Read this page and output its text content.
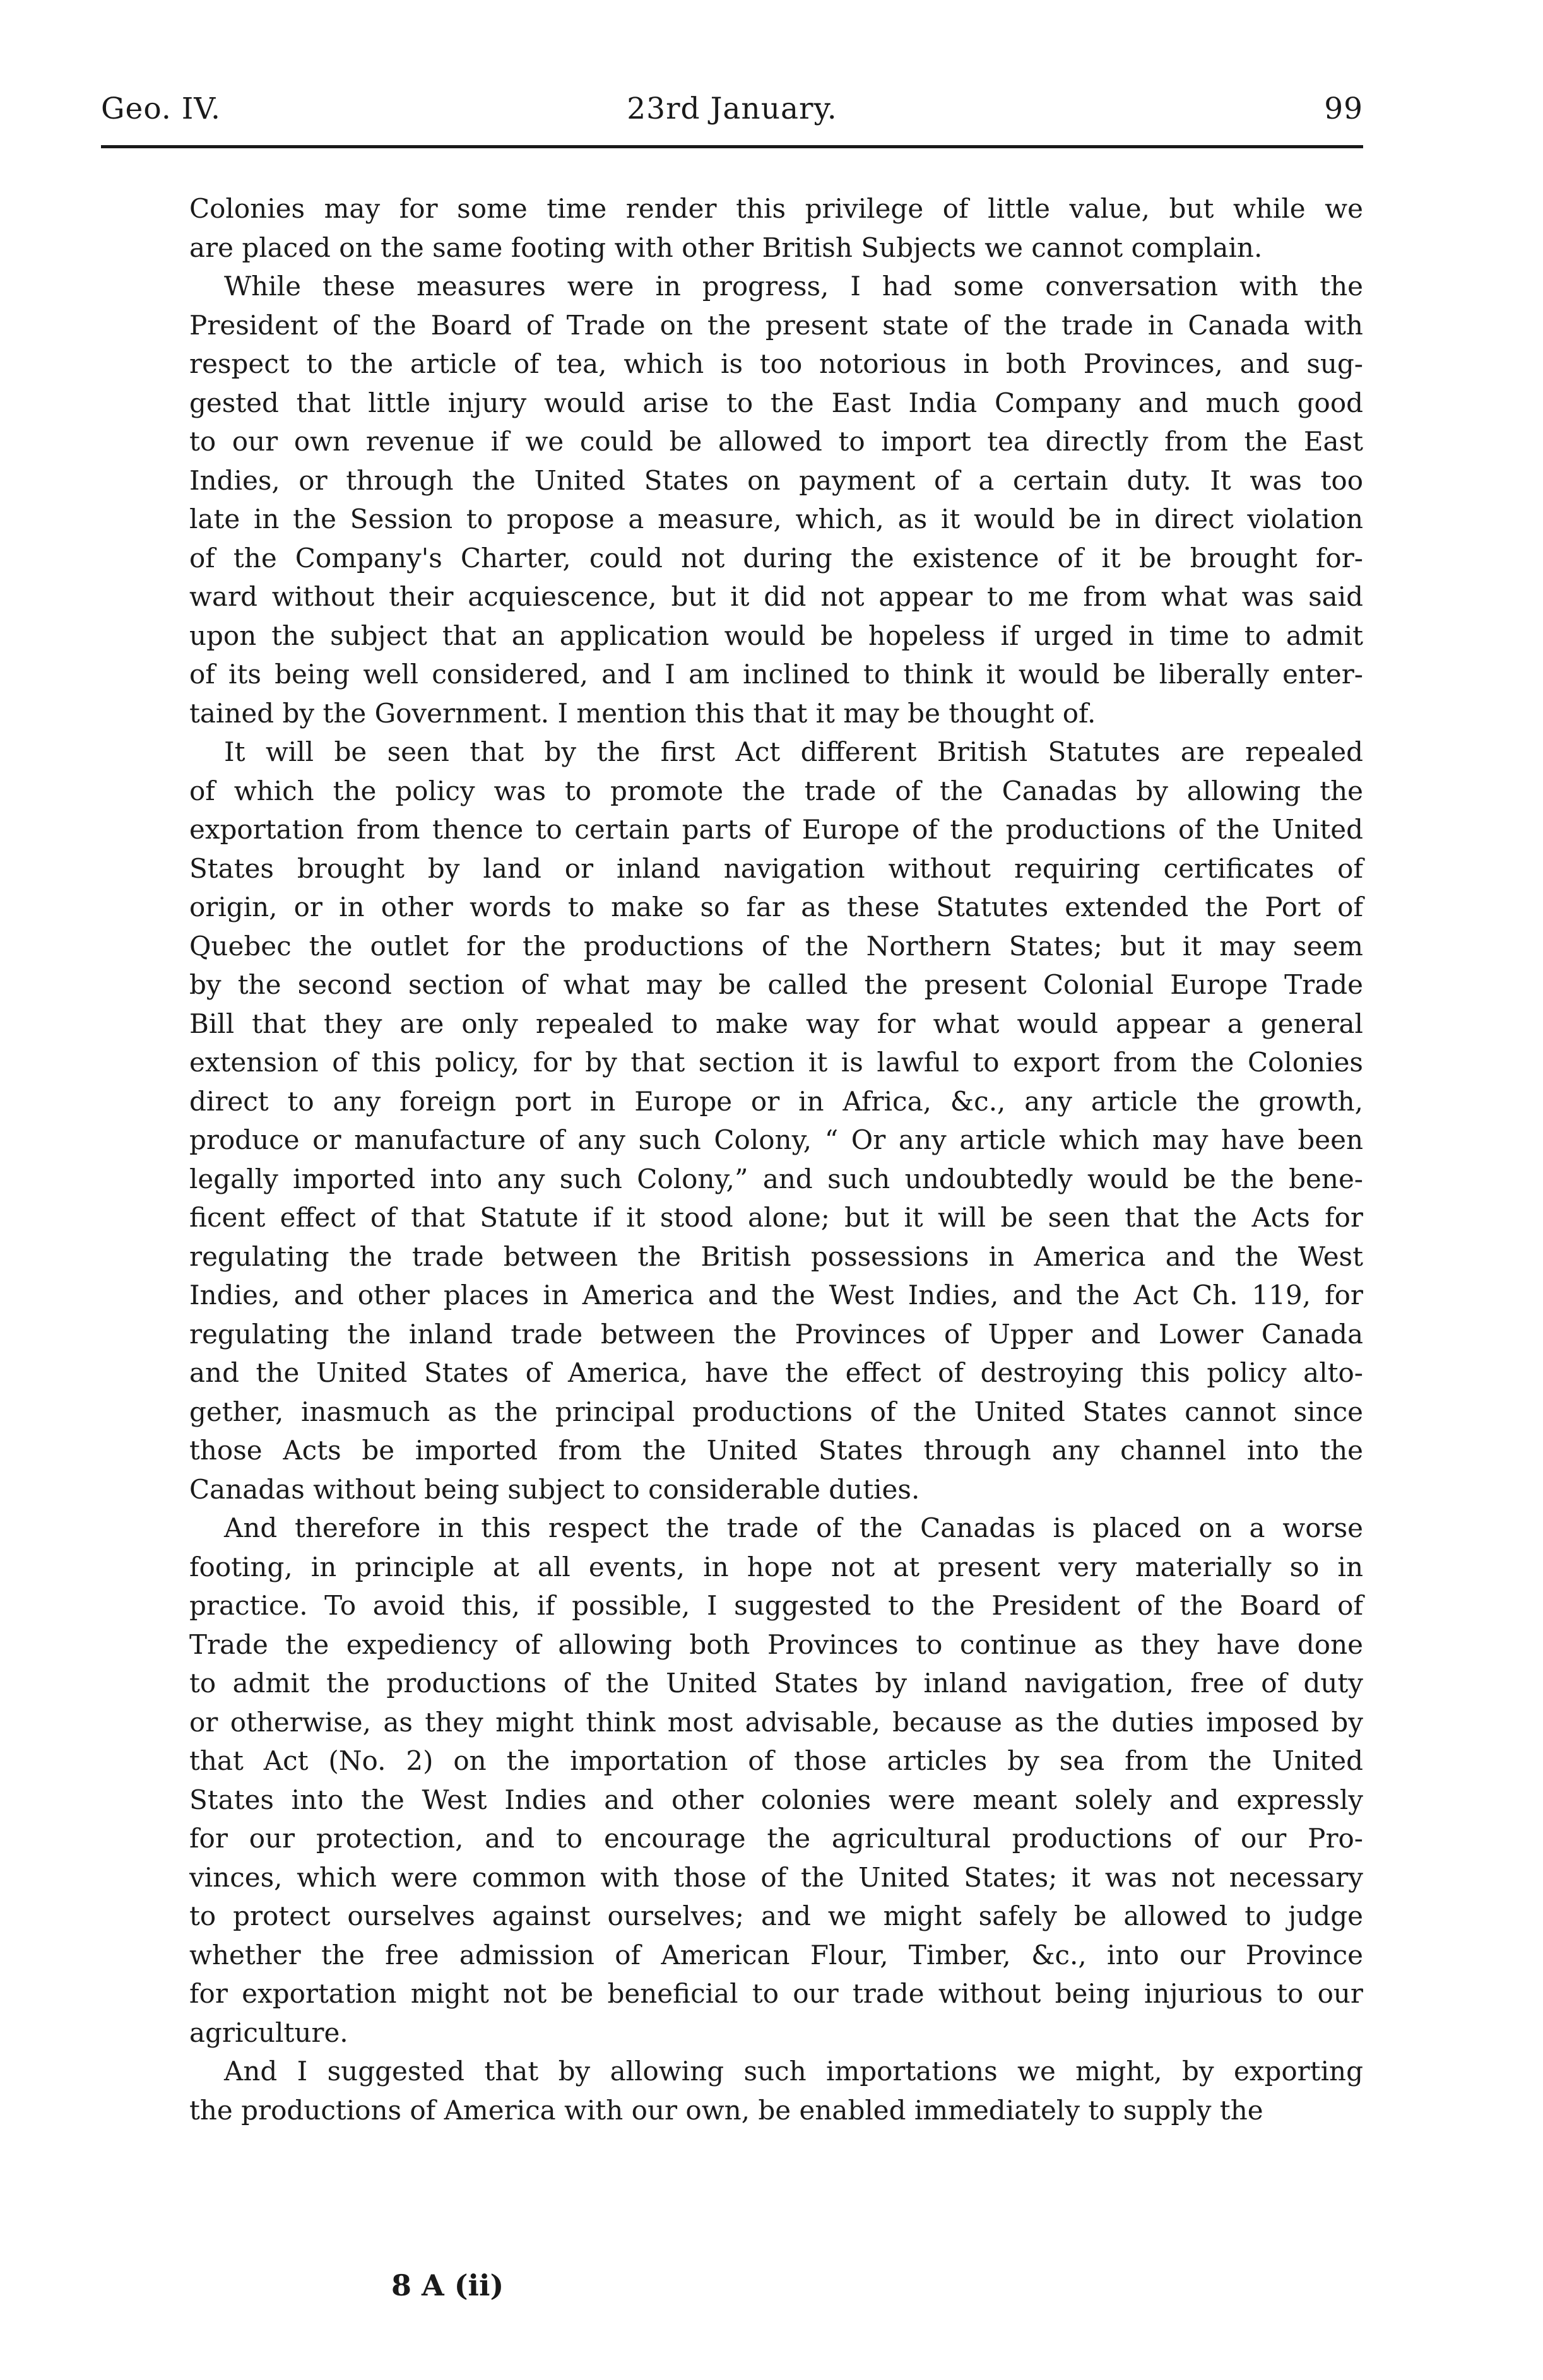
Geo. IV.	23rd January.	99

Colonies may for some time render this privilege of little value, but while we

are placed on the same footing with other British Subjects we cannot complain.

While these measures were in progress, I had some conversation with the

President of the Board of Trade on the present state of the trade in Canada with

respect to the article of tea, which is too notorious in both Provinces, and sug-

gested that little injury would arise to the East India Company and much good

to our own revenue if we could be allowed to import tea directly from the East

Indies, or through the United States on payment of a certain duty. It was too

late in the Session to propose a measure, which, as it would be in direct violation

of the Company's Charter, could not during the existence of it be brought for-

ward without their acquiescence, but it did not appear to me from what was said

upon the subject that an application would be hopeless if urged in time to admit

of its being well considered, and I am inclined to think it would be liberally enter-

tained by the Government. I mention this that it may be thought of.

It will be seen that by the first Act different British Statutes are repealed

of which the policy was to promote the trade of the Canadas by allowing the

exportation from thence to certain parts of Europe of the productions of the United

States brought by land or inland navigation without requiring certificates of

origin, or in other words to make so far as these Statutes extended the Port of

Quebec the outlet for the productions of the Northern States; but it may seem

by the second section of what may be called the present Colonial Europe Trade

Bill that they are only repealed to make way for what would appear a general

extension of this policy, for by that section it is lawful to export from the Colonies

direct to any foreign port in Europe or in Africa, &c., any article the growth,

produce or manufacture of any such Colony, “ Or any article which may have been

legally imported into any such Colony,” and such undoubtedly would be the bene-

ficent effect of that Statute if it stood alone; but it will be seen that the Acts for

regulating the trade between the British possessions in America and the West

Indies, and other places in America and the West Indies, and the Act Ch. 119, for

regulating the inland trade between the Provinces of Upper and Lower Canada

and the United States of America, have the effect of destroying this policy alto-

gether, inasmuch as the principal productions of the United States cannot since

those Acts be imported from the United States through any channel into the

Canadas without being subject to considerable duties.

And therefore in this respect the trade of the Canadas is placed on a worse

footing, in principle at all events, in hope not at present very materially so in

practice. To avoid this, if possible, I suggested to the President of the Board of

Trade the expediency of allowing both Provinces to continue as they have done

to admit the productions of the United States by inland navigation, free of duty

or otherwise, as they might think most advisable, because as the duties imposed by

that Act (No. 2) on the importation of those articles by sea from the United

States into the West Indies and other colonies were meant solely and expressly

for our protection, and to encourage the agricultural productions of our Pro-

vinces, which were common with those of the United States; it was not necessary

to protect ourselves against ourselves; and we might safely be allowed to judge

whether the free admission of American Flour, Timber, &c., into our Province

for exportation might not be beneficial to our trade without being injurious to our

agriculture.

And I suggested that by allowing such importations we might, by exporting

the productions of America with our own, be enabled immediately to supply the

8 A (ii)
